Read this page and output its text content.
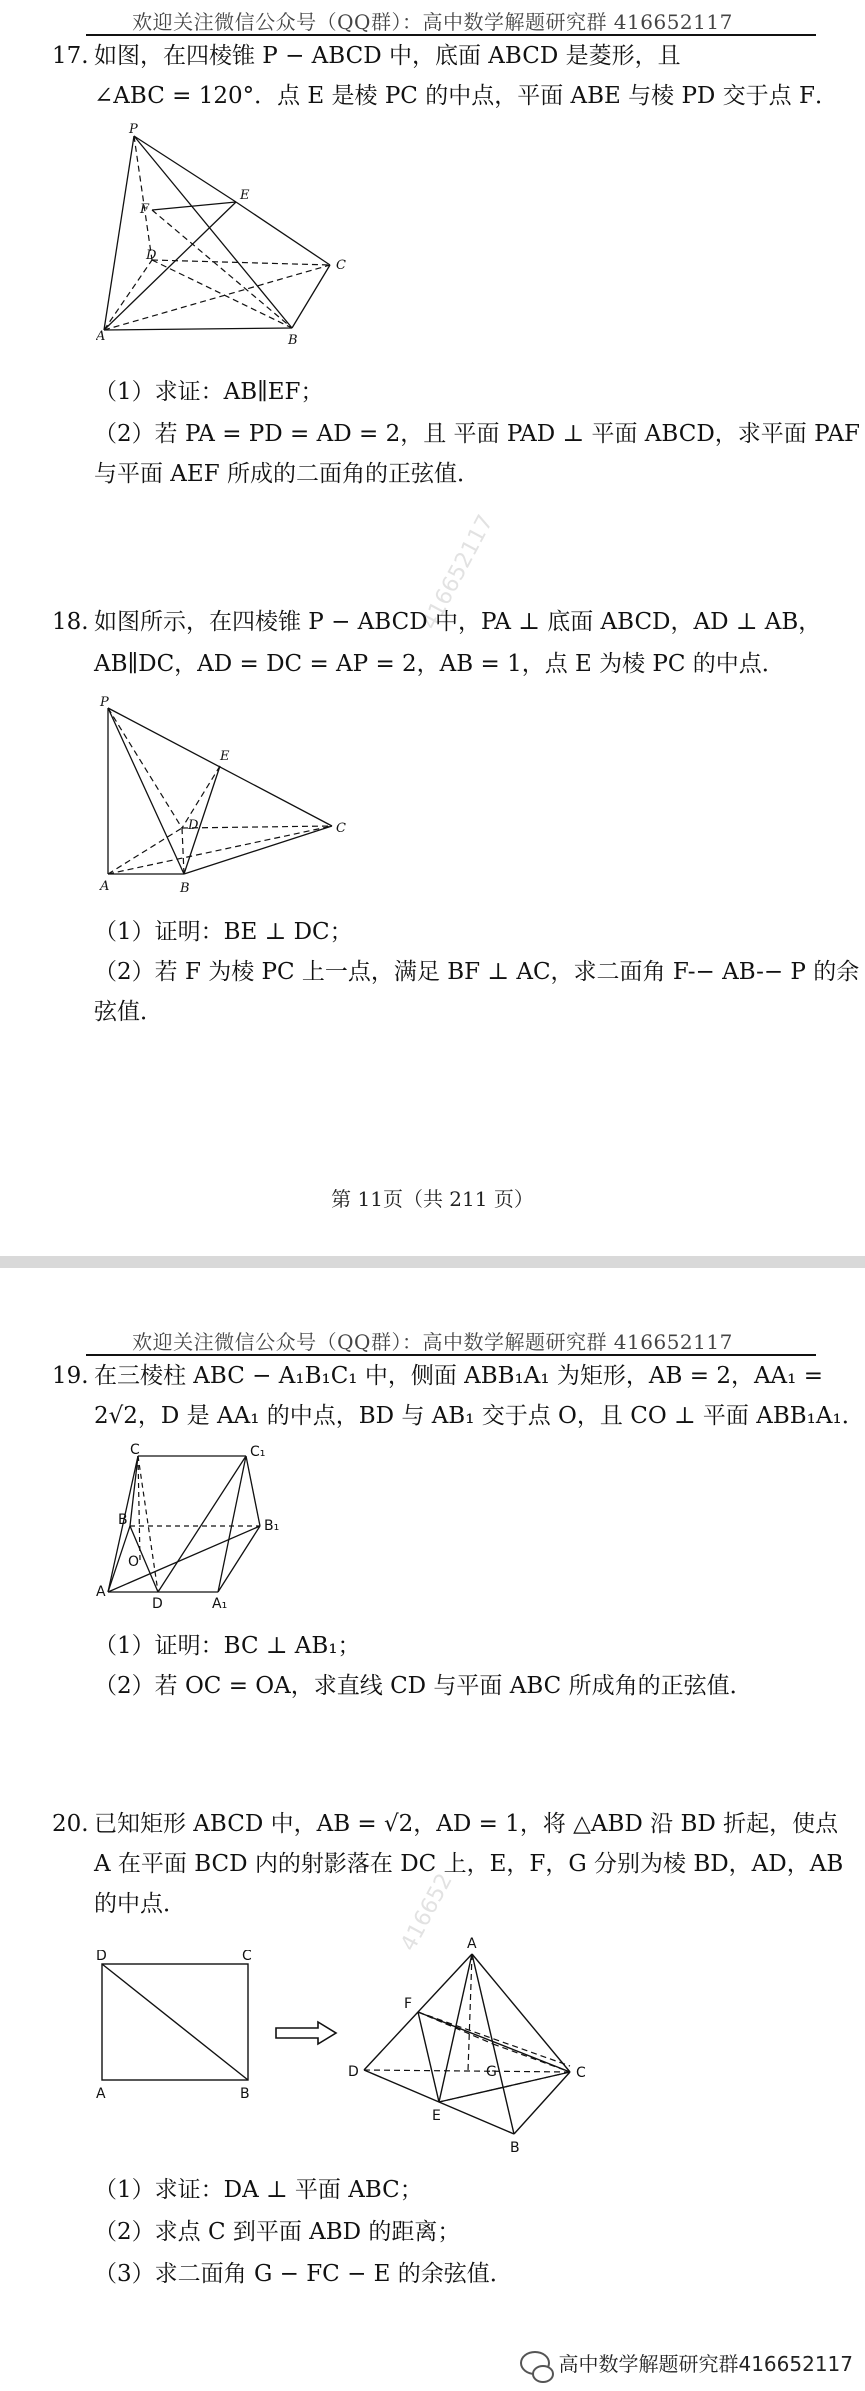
欢迎关注微信公众号（QQ群）：高中数学解题研究群 416652117
416652117
17. 如图，在四棱锥 P − ABCD 中，底面 ABCD 是菱形，且
∠ABC = 120°．点 E 是棱 PC 的中点，平面 ABE 与棱 PD 交于点 F．
P
E
F
D
C
A	B
（1）求证：AB∥EF；
（2）若 PA = PD = AD = 2，且 平面 PAD ⊥ 平面 ABCD，求平面 PAF
与平面 AEF 所成的二面角的正弦值．
18. 如图所示，在四棱锥 P − ABCD 中，PA ⊥ 底面 ABCD，AD ⊥ AB，
AB∥DC，AD = DC = AP = 2，AB = 1，点 E 为棱 PC 的中点．
P
E
D	C
A	B
（1）证明：BE ⊥ DC；
（2）若 F 为棱 PC 上一点，满足 BF ⊥ AC，求二面角 F-− AB-− P 的余
弦值．
第 11页（共 211 页）
欢迎关注微信公众号（QQ群）：高中数学解题研究群 416652117
416652
19. 在三棱柱 ABC − A₁B₁C₁ 中，侧面 ABB₁A₁ 为矩形，AB = 2，AA₁ =
2√2，D 是 AA₁ 的中点，BD 与 AB₁ 交于点 O，且 CO ⊥ 平面 ABB₁A₁．
C	C₁
B	B₁
O
A
D	A₁
（1）证明：BC ⊥ AB₁；
（2）若 OC = OA，求直线 CD 与平面 ABC 所成角的正弦值．
20. 已知矩形 ABCD 中，AB = √2，AD = 1，将 △ABD 沿 BD 折起，使点
A 在平面 BCD 内的射影落在 DC 上，E，F，G 分别为棱 BD，AD，AB
的中点．
D	C
A	B
A
F
D	G	C
E
B
（1）求证：DA ⊥ 平面 ABC；
（2）求点 C 到平面 ABD 的距离；
（3）求二面角 G − FC − E 的余弦值．
高中数学解题研究群416652117
